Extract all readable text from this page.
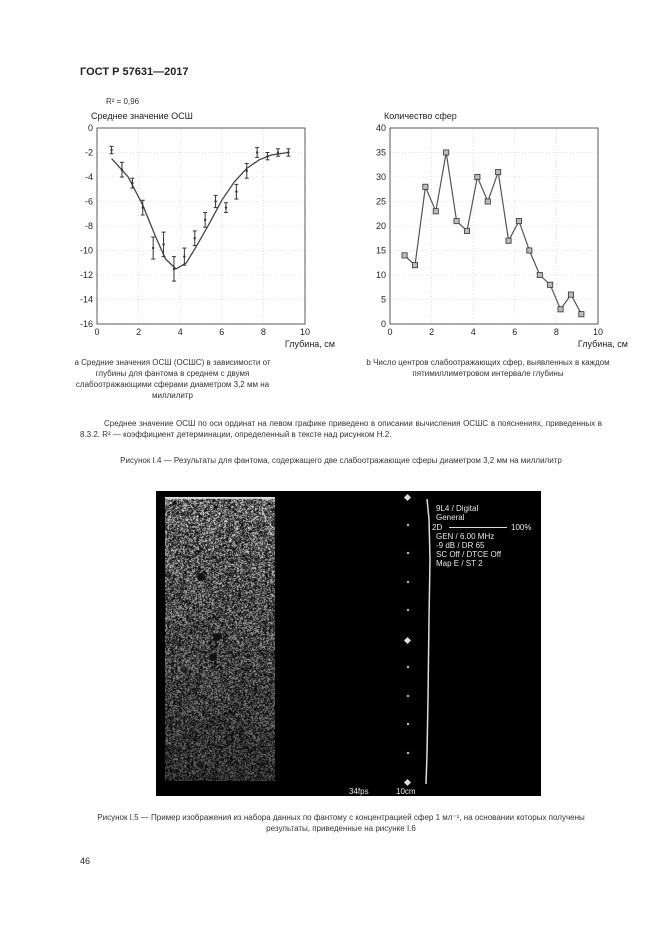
ГОСТ Р 57631—2017
R² = 0,96
Среднее значение ОСШ
0	2	4	6	8	10
0
-2
-4
-6
-8
-10
-12
-14
-16
Глубина, см
Количество сфер
0	2	4	6	8	10
0
5
10
15
20
25
30
35
40
Глубина, см
а Средние значения ОСШ (ОСШC) в зависимости от глубины для фантома в среднем с двумя слабоотражающими сферами диаметром 3,2 мм на миллилитр
b Число центров слабоотражающих сфер, выявленных в каждом пятимиллиметровом интервале глубины
Среднее значение ОСШ по оси ординат на левом графике приведено в описании вычисления ОСШC в пояснениях, приведенных в 8.3.2. R² — коэффициент детерминации, определенный в тексте над рисунком Н.2.
Рисунок I.4 — Результаты для фантома, содержащего две слабоотражающие сферы диаметром 3,2 мм на миллилитр
9L4 / Digital
General
2D	100%
GEN / 6.00 MHz
-9 dB / DR 65
SC Off / DTCE Off
Map E / ST 2
34fps	10cm
Рисунок I.5 — Пример изображения из набора данных по фантому с концентрацией сфер 1 мл⁻¹, на основании которых получены результаты, приведенные на рисунке I.6
46
